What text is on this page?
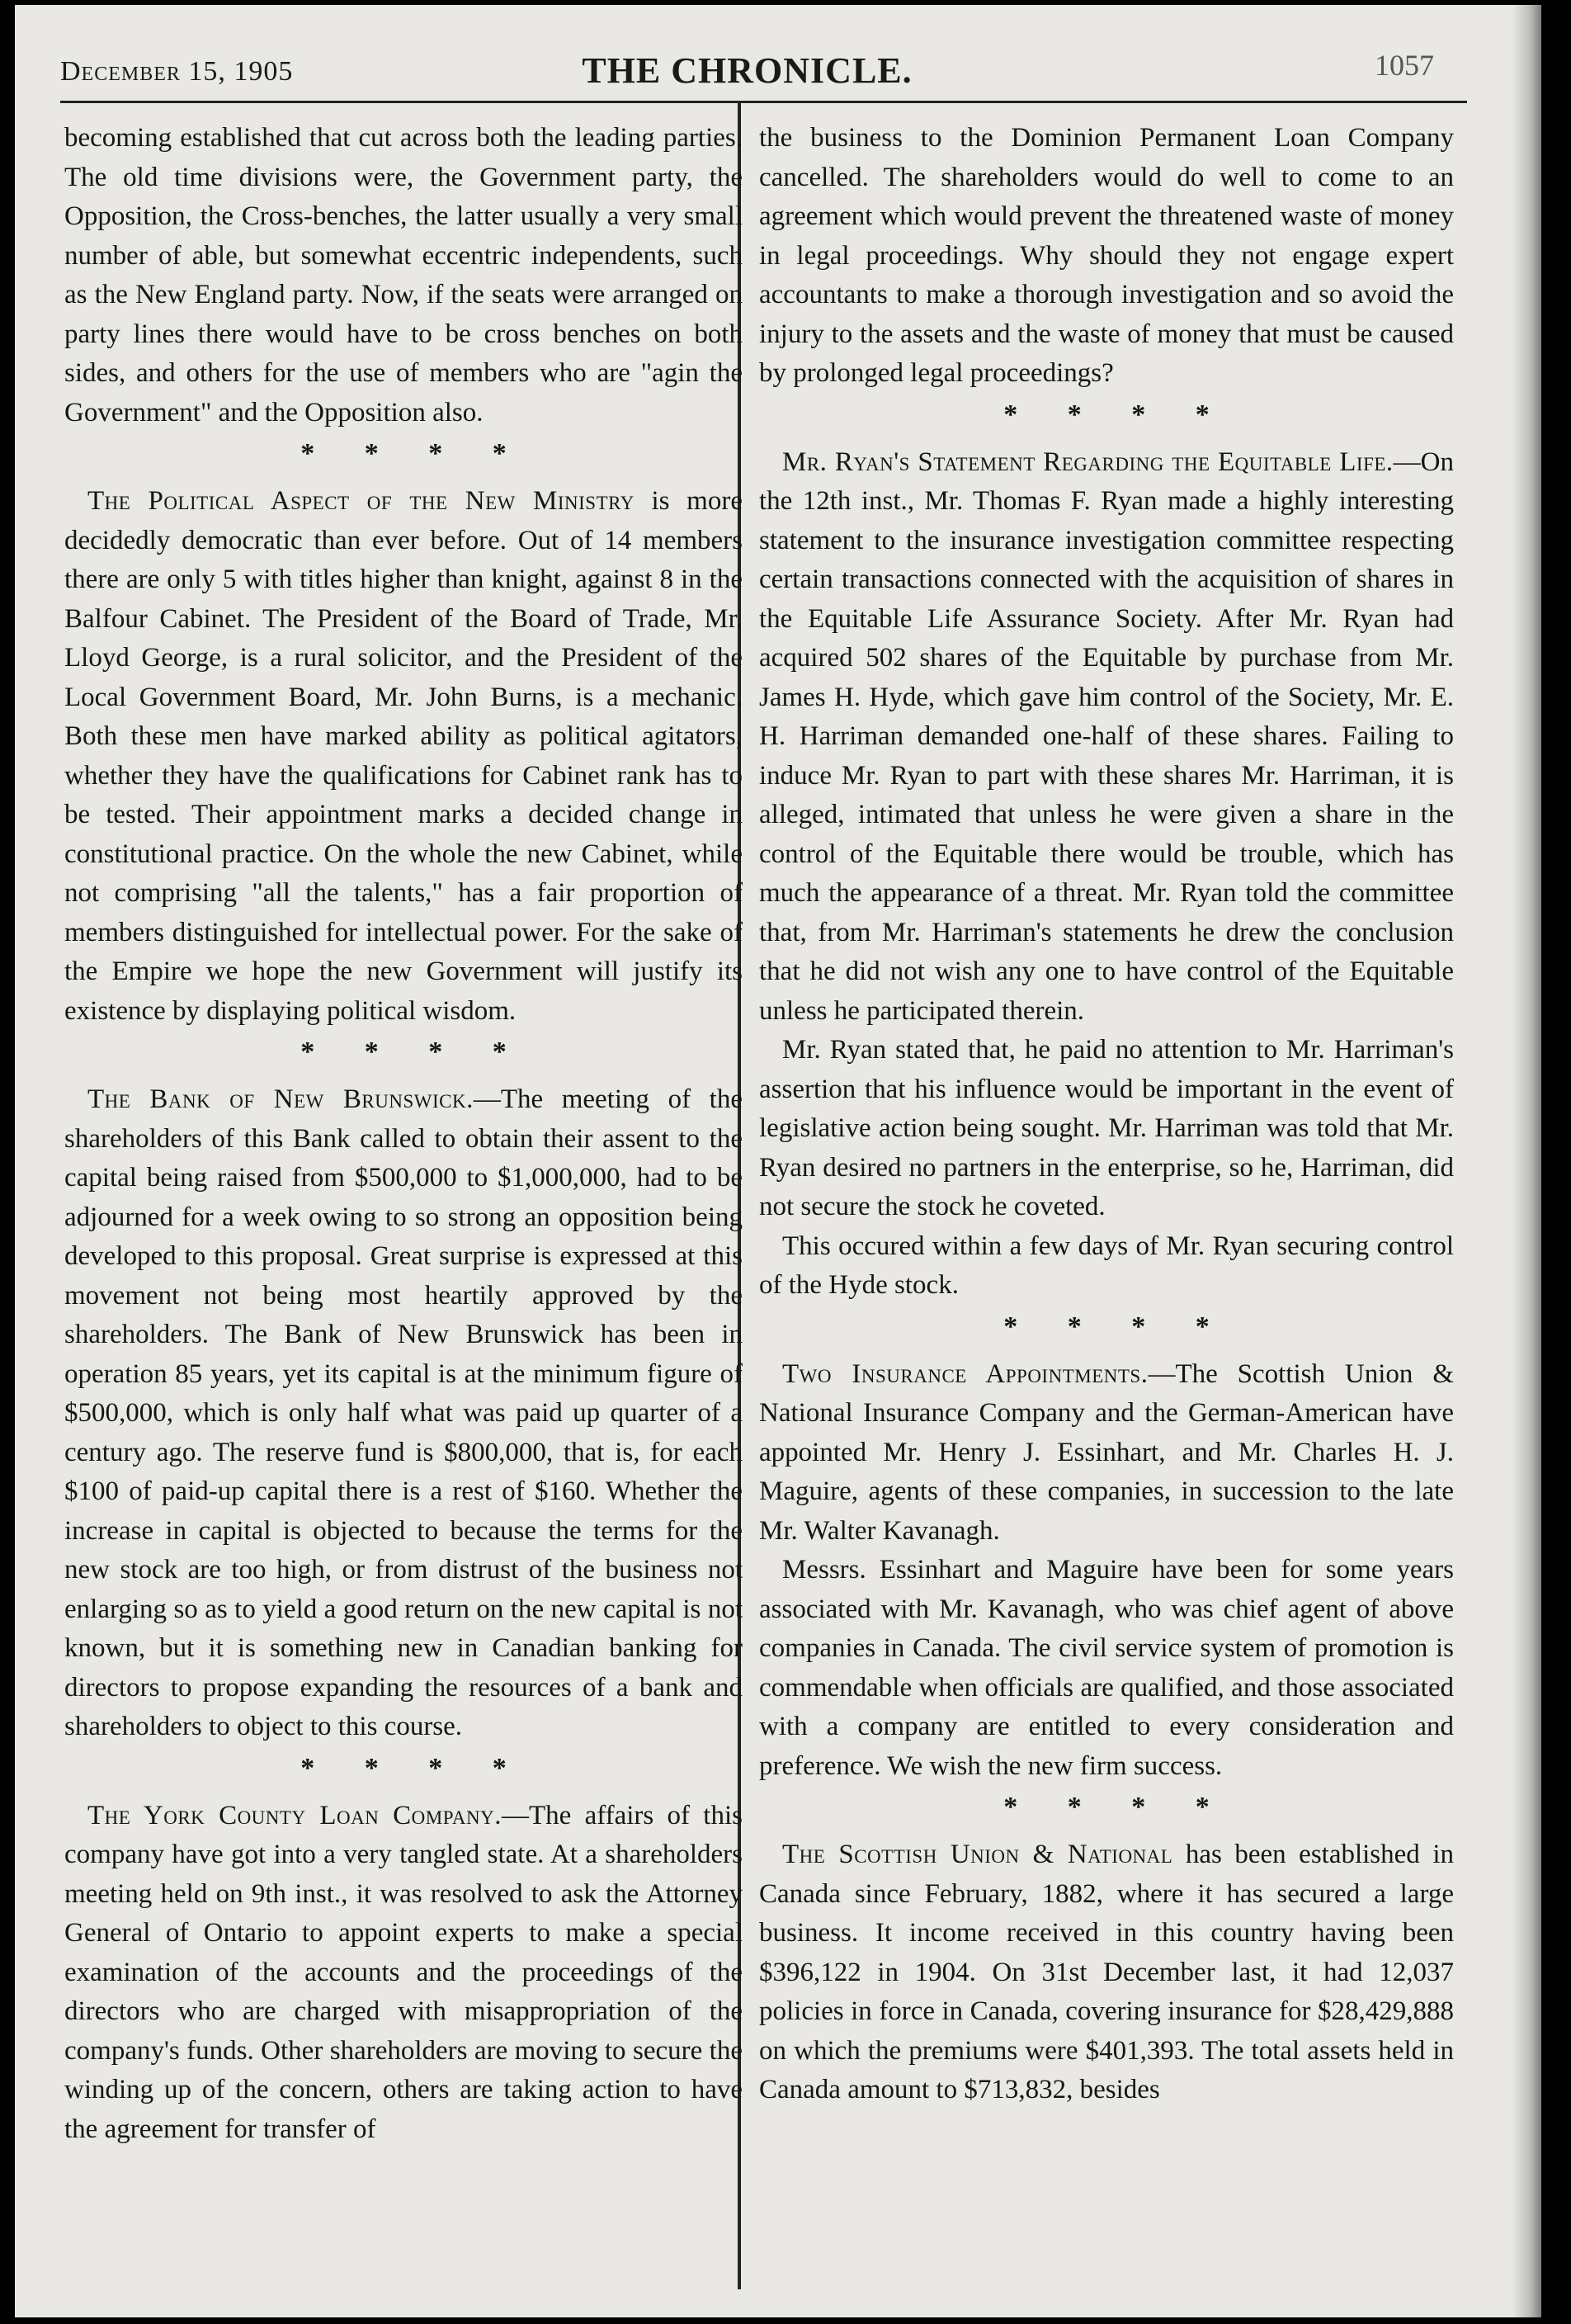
December 15, 1905	THE CHRONICLE.	1057

becoming established that cut across both the leading parties. The old time divisions were, the Government party, the Opposition, the Cross-benches, the latter usually a very small number of able, but somewhat eccentric independents, such as the New England party. Now, if the seats were arranged on party lines there would have to be cross benches on both sides, and others for the use of members who are "agin the Government" and the Opposition also.

* * * *

The Political Aspect of the New Ministry is more decidedly democratic than ever before. Out of 14 members there are only 5 with titles higher than knight, against 8 in the Balfour Cabinet. The President of the Board of Trade, Mr. Lloyd George, is a rural solicitor, and the President of the Local Government Board, Mr. John Burns, is a mechanic. Both these men have marked ability as political agitators, whether they have the qualifications for Cabinet rank has to be tested. Their appointment marks a decided change in constitutional practice. On the whole the new Cabinet, while not comprising "all the talents," has a fair proportion of members distinguished for intellectual power. For the sake of the Empire we hope the new Government will justify its existence by displaying political wisdom.

* * * *

The Bank of New Brunswick.—The meeting of the shareholders of this Bank called to obtain their assent to the capital being raised from $500,000 to $1,000,000, had to be adjourned for a week owing to so strong an opposition being developed to this proposal. Great surprise is expressed at this movement not being most heartily approved by the shareholders. The Bank of New Brunswick has been in operation 85 years, yet its capital is at the minimum figure of $500,000, which is only half what was paid up quarter of a century ago. The reserve fund is $800,000, that is, for each $100 of paid-up capital there is a rest of $160. Whether the increase in capital is objected to because the terms for the new stock are too high, or from distrust of the business not enlarging so as to yield a good return on the new capital is not known, but it is something new in Canadian banking for directors to propose expanding the resources of a bank and shareholders to object to this course.

* * * *

The York County Loan Company.—The affairs of this company have got into a very tangled state. At a shareholders meeting held on 9th inst., it was resolved to ask the Attorney General of Ontario to appoint experts to make a special examination of the accounts and the proceedings of the directors who are charged with misappropriation of the company's funds. Other shareholders are moving to secure the winding up of the concern, others are taking action to have the agreement for transfer of

the business to the Dominion Permanent Loan Company cancelled. The shareholders would do well to come to an agreement which would prevent the threatened waste of money in legal proceedings. Why should they not engage expert accountants to make a thorough investigation and so avoid the injury to the assets and the waste of money that must be caused by prolonged legal proceedings?

* * * *

Mr. Ryan's Statement Regarding the Equitable Life.—On the 12th inst., Mr. Thomas F. Ryan made a highly interesting statement to the insurance investigation committee respecting certain transactions connected with the acquisition of shares in the Equitable Life Assurance Society. After Mr. Ryan had acquired 502 shares of the Equitable by purchase from Mr. James H. Hyde, which gave him control of the Society, Mr. E. H. Harriman demanded one-half of these shares. Failing to induce Mr. Ryan to part with these shares Mr. Harriman, it is alleged, intimated that unless he were given a share in the control of the Equitable there would be trouble, which has much the appearance of a threat. Mr. Ryan told the committee that, from Mr. Harriman's statements he drew the conclusion that he did not wish any one to have control of the Equitable unless he participated therein.

Mr. Ryan stated that, he paid no attention to Mr. Harriman's assertion that his influence would be important in the event of legislative action being sought. Mr. Harriman was told that Mr. Ryan desired no partners in the enterprise, so he, Harriman, did not secure the stock he coveted.

This occured within a few days of Mr. Ryan securing control of the Hyde stock.

* * * *

Two Insurance Appointments.—The Scottish Union & National Insurance Company and the German-American have appointed Mr. Henry J. Essinhart, and Mr. Charles H. J. Maguire, agents of these companies, in succession to the late Mr. Walter Kavanagh.

Messrs. Essinhart and Maguire have been for some years associated with Mr. Kavanagh, who was chief agent of above companies in Canada. The civil service system of promotion is commendable when officials are qualified, and those associated with a company are entitled to every consideration and preference. We wish the new firm success.

* * * *

The Scottish Union & National has been established in Canada since February, 1882, where it has secured a large business. It income received in this country having been $396,122 in 1904. On 31st December last, it had 12,037 policies in force in Canada, covering insurance for $28,429,888 on which the premiums were $401,393. The total assets held in Canada amount to $713,832, besides
